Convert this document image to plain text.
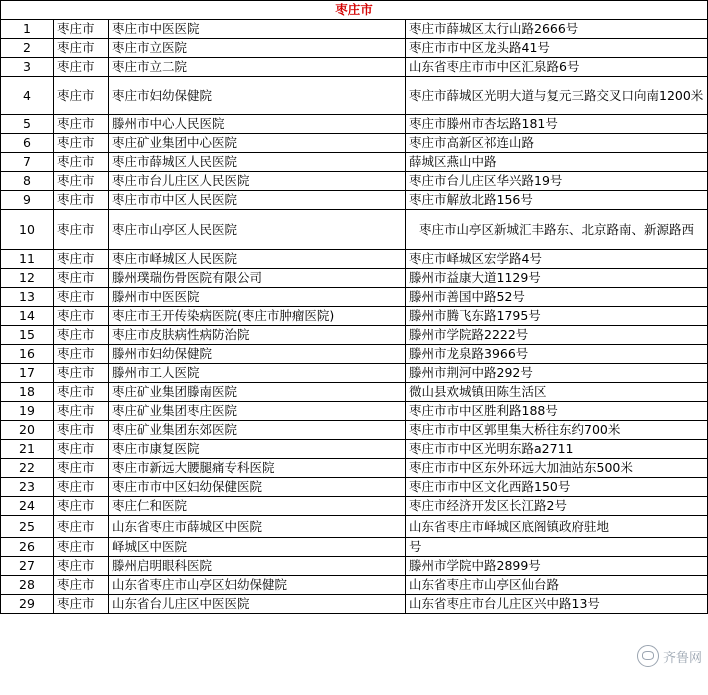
枣庄市			
1	枣庄市	枣庄市中医医院	枣庄市薛城区太行山路2666号
2	枣庄市	枣庄市立医院	枣庄市市中区龙头路41号
3	枣庄市	枣庄市立二院	山东省枣庄市市中区汇泉路6号
4	枣庄市	枣庄市妇幼保健院	枣庄市薛城区光明大道与复元三路交叉口向南1200米
5	枣庄市	滕州市中心人民医院	枣庄市滕州市杏坛路181号
6	枣庄市	枣庄矿业集团中心医院	枣庄市高新区祁连山路
7	枣庄市	枣庄市薛城区人民医院	薛城区燕山中路
8	枣庄市	枣庄市台儿庄区人民医院	枣庄市台儿庄区华兴路19号
9	枣庄市	枣庄市市中区人民医院	枣庄市解放北路156号
10	枣庄市	枣庄市山亭区人民医院	枣庄市山亭区新城汇丰路东、北京路南、新源路西
11	枣庄市	枣庄市峄城区人民医院	枣庄市峄城区宏学路4号
12	枣庄市	滕州璞瑞伤骨医院有限公司	滕州市益康大道1129号
13	枣庄市	滕州市中医医院	滕州市善国中路52号
14	枣庄市	枣庄市王开传染病医院(枣庄市肿瘤医院)	滕州市腾飞东路1795号
15	枣庄市	枣庄市皮肤病性病防治院	滕州市学院路2222号
16	枣庄市	滕州市妇幼保健院	滕州市龙泉路3966号
17	枣庄市	滕州市工人医院	滕州市荆河中路292号
18	枣庄市	枣庄矿业集团滕南医院	微山县欢城镇田陈生活区
19	枣庄市	枣庄矿业集团枣庄医院	枣庄市市中区胜利路188号
20	枣庄市	枣庄矿业集团东郊医院	枣庄市市中区郭里集大桥往东约700米
21	枣庄市	枣庄市康复医院	枣庄市市中区光明东路a2711
22	枣庄市	枣庄市新远大腰腿痛专科医院	枣庄市市中区东外环远大加油站东500米
23	枣庄市	枣庄市市中区妇幼保健医院	枣庄市市中区文化西路150号
24	枣庄市	枣庄仁和医院	枣庄市经济开发区长江路2号
25	枣庄市	山东省枣庄市薛城区中医院	山东省枣庄市峄城区底阁镇政府驻地
26	枣庄市	峄城区中医院	号
27	枣庄市	滕州启明眼科医院	滕州市学院中路2899号
28	枣庄市	山东省枣庄市山亭区妇幼保健院	山东省枣庄市山亭区仙台路
29	枣庄市	山东省台儿庄区中医医院	山东省枣庄市台儿庄区兴中路13号
齐鲁网
